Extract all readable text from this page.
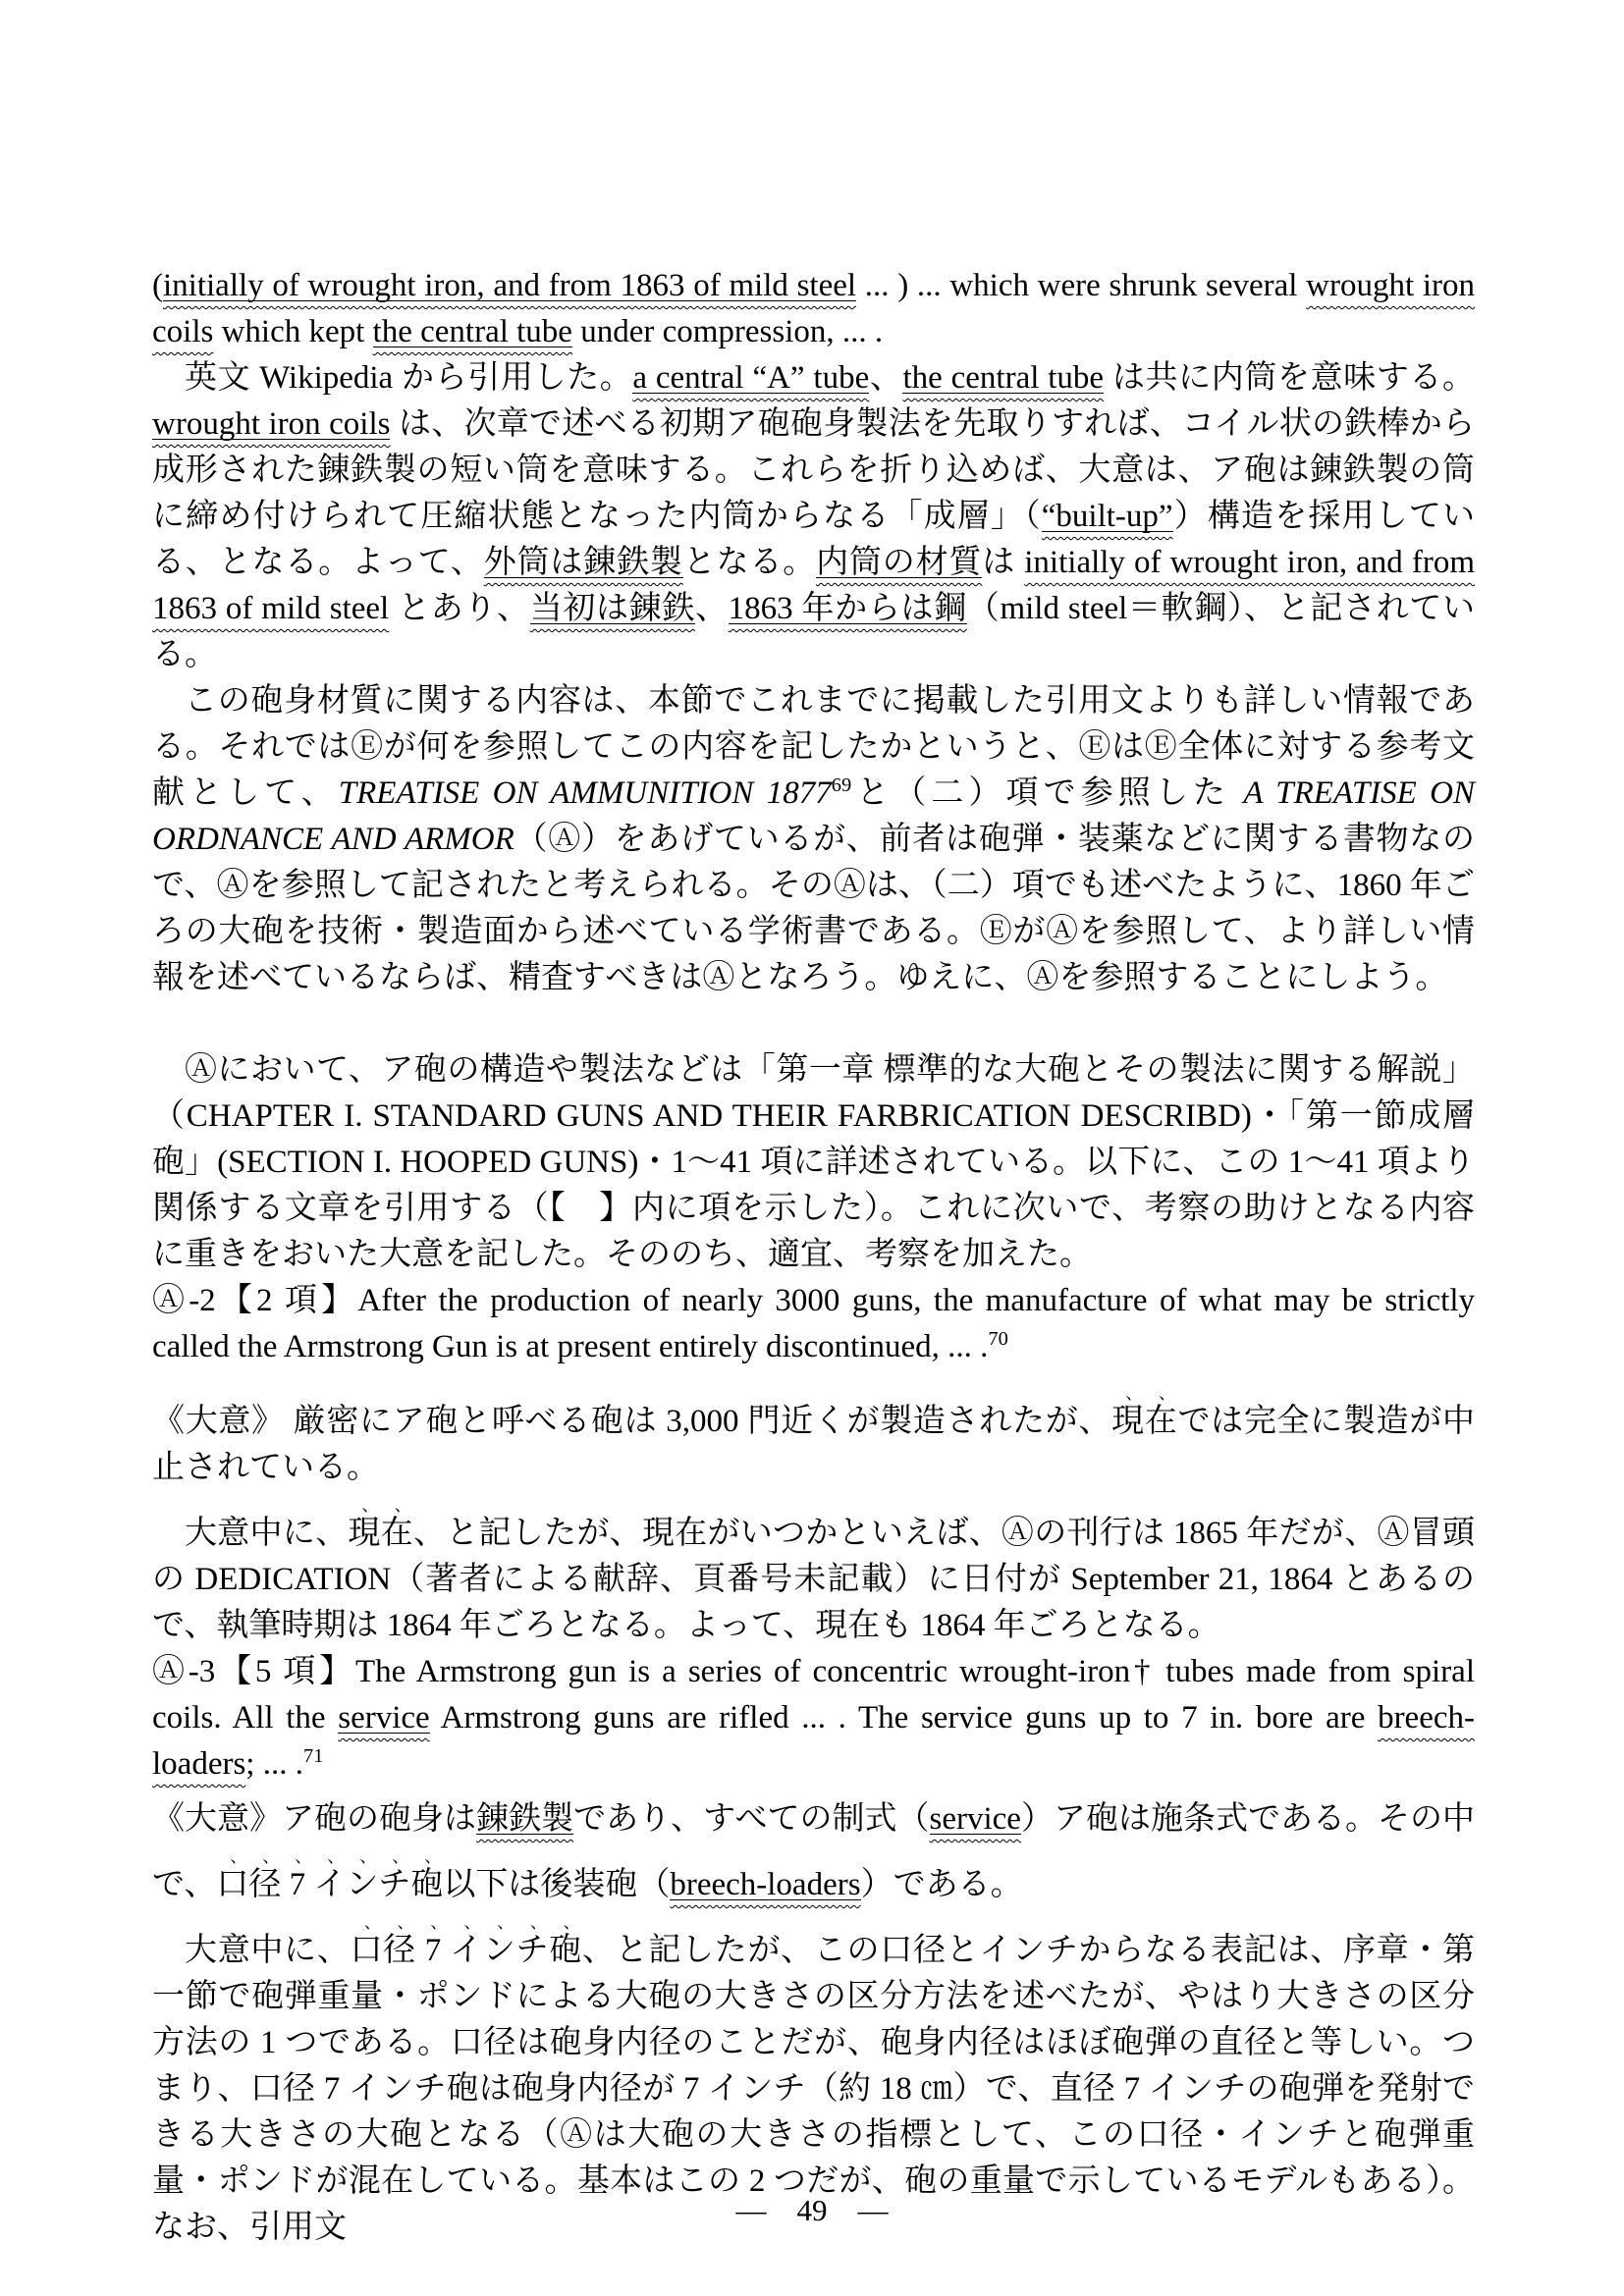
(initially of wrought iron, and from 1863 of mild steel ... ) ... which were shrunk several wrought iron coils which kept the central tube under compression, ... .

英文 Wikipedia から引用した。a central “A” tube、the central tube は共に内筒を意味する。wrought iron coils は、次章で述べる初期ア砲砲身製法を先取りすれば、コイル状の鉄棒から成形された錬鉄製の短い筒を意味する。これらを折り込めば、大意は、ア砲は錬鉄製の筒に締め付けられて圧縮状態となった内筒からなる「成層」（“built-up”）構造を採用している、となる。よって、外筒は錬鉄製となる。内筒の材質は initially of wrought iron, and from 1863 of mild steel とあり、当初は錬鉄、1863 年からは鋼（mild steel＝軟鋼）、と記されている。

この砲身材質に関する内容は、本節でこれまでに掲載した引用文よりも詳しい情報である。それではⒺが何を参照してこの内容を記したかというと、ⒺはⒺ全体に対する参考文献として、TREATISE ON AMMUNITION 1877$^{69}$と（二）項で参照した A TREATISE ON ORDNANCE AND ARMOR（Ⓐ）をあげているが、前者は砲弾・装薬などに関する書物なので、Ⓐを参照して記されたと考えられる。そのⒶは、（二）項でも述べたように、1860 年ごろの大砲を技術・製造面から述べている学術書である。ⒺがⒶを参照して、より詳しい情報を述べているならば、精査すべきはⒶとなろう。ゆえに、Ⓐを参照することにしよう。

Ⓐにおいて、ア砲の構造や製法などは「第一章 標準的な大砲とその製法に関する解説」（CHAPTER I. STANDARD GUNS AND THEIR FARBRICATION DESCRIBD)・「第一節成層砲」(SECTION I. HOOPED GUNS)・1～41 項に詳述されている。以下に、この 1～41 項より関係する文章を引用する（【　】内に項を示した）。これに次いで、考察の助けとなる内容に重きをおいた大意を記した。そののち、適宜、考察を加えた。

Ⓐ-2【2 項】After the production of nearly 3000 guns, the manufacture of what may be strictly called the Armstrong Gun is at present entirely discontinued, ... .$^{70}$

《大意》 厳密にア砲と呼べる砲は 3,000 門近くが製造されたが、現在では完全に製造が中止されている。

大意中に、現在、と記したが、現在がいつかといえば、Ⓐの刊行は 1865 年だが、Ⓐ冒頭の DEDICATION（著者による献辞、頁番号未記載）に日付が September 21, 1864 とあるので、執筆時期は 1864 年ごろとなる。よって、現在も 1864 年ごろとなる。

Ⓐ-3【5 項】The Armstrong gun is a series of concentric wrought-iron† tubes made from spiral coils. All the service Armstrong guns are rifled ... . The service guns up to 7 in. bore are breech-loaders; ... .$^{71}$

《大意》ア砲の砲身は錬鉄製であり、すべての制式（service）ア砲は施条式である。その中で、口径 7 インチ砲以下は後装砲（breech-loaders）である。

大意中に、口径 7 インチ砲、と記したが、この口径とインチからなる表記は、序章・第一節で砲弾重量・ポンドによる大砲の大きさの区分方法を述べたが、やはり大きさの区分方法の 1 つである。口径は砲身内径のことだが、砲身内径はほぼ砲弾の直径と等しい。つまり、口径 7 インチ砲は砲身内径が 7 インチ（約 18 ㎝）で、直径 7 インチの砲弾を発射できる大きさの大砲となる（Ⓐは大砲の大きさの指標として、この口径・インチと砲弾重量・ポンドが混在している。基本はこの 2 つだが、砲の重量で示しているモデルもある）。なお、引用文	―　49　―
